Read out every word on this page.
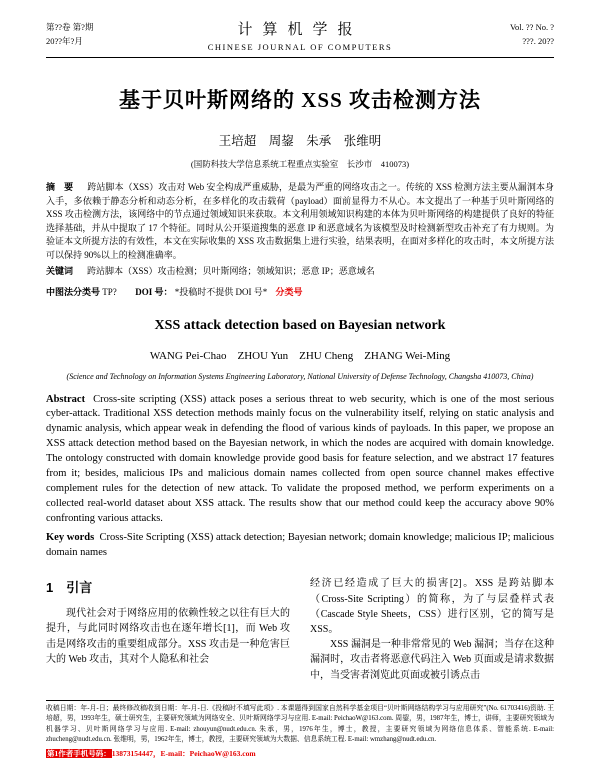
第??卷 第?期
20??年?月
计算机学报
CHINESE JOURNAL OF COMPUTERS
Vol. ?? No. ?
???. 20??
基于贝叶斯网络的 XSS 攻击检测方法
王培超　周鋆　朱承　张维明
(国防科技大学信息系统工程重点实验室　长沙市　410073)

摘　要 跨站脚本（XSS）攻击对 Web 安全构成严重威胁，是最为严重的网络攻击之一。传统的 XSS 检测方法主要从漏洞本身入手，多依赖于静态分析和动态分析，在多样化的攻击载荷（payload）面前显得力不从心。本文提出了一种基于贝叶斯网络的 XSS 攻击检测方法，该网络中的节点通过领域知识来获取。本文利用领域知识构建的本体为贝叶斯网络的构建提供了良好的特征选择基础，并从中提取了 17 个特征。同时从公开渠道搜集的恶意 IP 和恶意域名为该模型及时检测新型攻击补充了有力规则。为验证本文所提方法的有效性，本文在实际收集的 XSS 攻击数据集上进行实验，结果表明，在面对多样化的攻击时，本文所提方法可以保持 90%以上的检测准确率。

关键词 跨站脚本（XSS）攻击检测；贝叶斯网络；领域知识；恶意 IP；恶意域名

中图法分类号 TP? DOI 号： *投稿时不提供 DOI 号* 分类号

XSS attack detection based on Bayesian network
WANG Pei-Chao　ZHOU Yun　ZHU Cheng　ZHANG Wei-Ming
(Science and Technology on Information Systems Engineering Laboratory, National University of Defense Technology, Changsha 410073, China)

Abstract Cross-site scripting (XSS) attack poses a serious threat to web security, which is one of the most serious cyber-attack. Traditional XSS detection methods mainly focus on the vulnerability itself, relying on static analysis and dynamic analysis, which appear weak in defending the flood of various kinds of payloads. In this paper, we propose an XSS attack detection method based on the Bayesian network, in which the nodes are acquired with domain knowledge. The ontology constructed with domain knowledge provide good basis for feature selection, and we abstract 17 features from it; besides, malicious IPs and malicious domain names collected from open source channel makes effective complement rules for the detection of new attack. To validate the proposed method, we perform experiments on a collected real-world dataset about XSS attack. The results show that our method could keep the accuracy above 90% confronting various attacks.

Key words Cross-Site Scripting (XSS) attack detection; Bayesian network; domain knowledge; malicious IP; malicious domain names

1　引言

现代社会对于网络应用的依赖性较之以往有巨大的提升，与此同时网络攻击也在逐年增长[1]，而 Web 攻击是网络攻击的重要组成部分。XSS 攻击是一种危害巨大的 Web 攻击，其对个人隐私和社会

经济已经造成了巨大的损害[2]。XSS 是跨站脚本（Cross-Site Scripting）的简称，为了与层叠样式表（Cascade Style Sheets，CSS）进行区别，它的简写是 XSS。

XSS 漏洞是一种非常常见的 Web 漏洞；当存在这种漏洞时，攻击者将恶意代码注入 Web 页面或是请求数据中，当受害者浏览此页面或被引诱点击

收稿日期：年-月-日；最终修改稿收到日期：年-月-日.《投稿时不填写此项》. 本课题得到国家自然科学基金项目“贝叶斯网络结构学习与应用研究”(No. 61703416)资助. 王培超，男，1993年生，硕士研究生，主要研究领域为网络安全、贝叶斯网络学习与应用. E-mail: PeichaoW@163.com. 周鋆，男，1987年生，博士，讲师，主要研究领域为机器学习、贝叶斯网络学习与应用. E-mail: zhouyun@nudt.edu.cn. 朱承，男，1976年生，博士，教授，主要研究领域为网络信息体系、智能系统. E-mail: zhucheng@nudt.edu.cn. 张维明，男，1962年生，博士，教授，主要研究领域为大数据、信息系统工程. E-mail: wmzhang@nudt.edu.cn.

第1作者手机号码：13873154447，E-mail：PeichaoW@163.com
